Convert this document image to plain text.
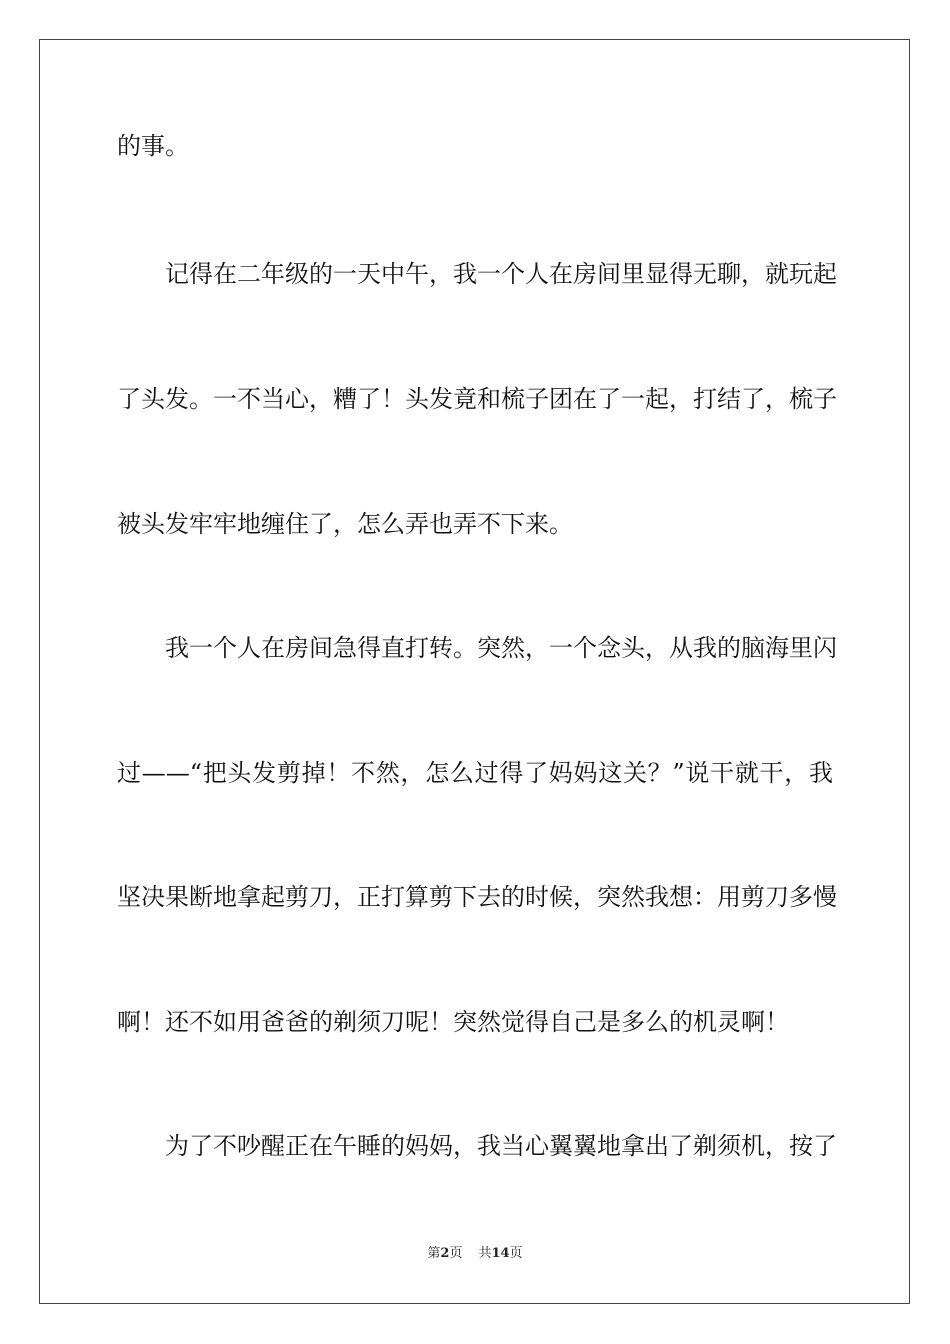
的事。
记得在二年级的一天中午，我一个人在房间里显得无聊，就玩起
了头发。一不当心，糟了！头发竟和梳子团在了一起，打结了，梳子
被头发牢牢地缠住了，怎么弄也弄不下来。
我一个人在房间急得直打转。突然，一个念头，从我的脑海里闪
过——“把头发剪掉！不然，怎么过得了妈妈这关？”说干就干，我
坚决果断地拿起剪刀，正打算剪下去的时候，突然我想：用剪刀多慢
啊！还不如用爸爸的剃须刀呢！突然觉得自己是多么的机灵啊！
为了不吵醒正在午睡的妈妈，我当心翼翼地拿出了剃须机，按了
第2页 共14页
